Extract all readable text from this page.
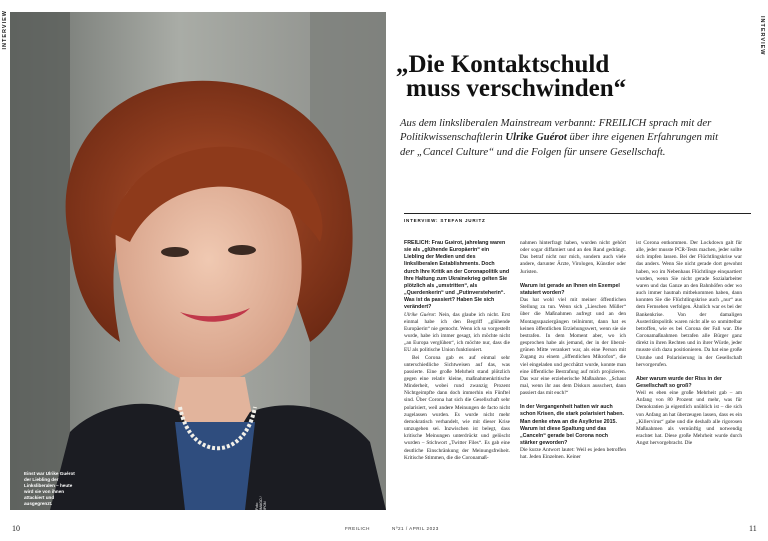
INTERVIEW
Einst war Ulrike Guérot der Liebling der Linksliberalen – heute wird sie von ihnen attackiert und ausgegrenzt.	Foto: IMAGO / IPON
INTERVIEW
„Die Kontaktschuld
muss verschwinden“
Aus dem linksliberalen Mainstream verbannt: FREILICH sprach mit der Politikwissenschaftlerin Ulrike Guérot über ihre eigenen Erfahrungen mit der „Cancel Culture“ und die Folgen für unsere Gesellschaft.
INTERVIEW: STEFAN JURITZ

FREILICH: Frau Guérot, jahrelang waren sie als „glühende Europäerin“ ein Liebling der Medien und des linksliberalen Establishments. Doch durch Ihre Kritik an der Coronapolitik und Ihre Haltung zum Ukrainekrieg gelten Sie plötzlich als „umstritten“, als „Querdenkerin“ und „Putinversteherin“. Was ist da passiert? Haben Sie sich verändert?

Ulrike Guérot: Nein, das glaube ich nicht. Erst einmal habe ich den Begriff „glühende Europäerin“ nie gemocht. Wenn ich so vorgestellt wurde, habe ich immer gesagt, ich möchte nicht „an Europa verglühen“, ich möchte nur, dass die EU als politische Union funktioniert.

Bei Corona gab es auf einmal sehr unterschiedliche Sichtweisen auf das, was passierte. Eine große Mehrheit stand plötzlich gegen eine relativ kleine, maßnahmenkritische Minderheit, wobei rund zwanzig Prozent Nichtgeimpfte dann doch immerhin ein Fünftel sind. Über Corona hat sich die Gesellschaft sehr polarisiert, weil andere Meinungen de facto nicht zugelassen wurden. Es wurde nicht mehr demokratisch verhandelt, wie mit dieser Krise umzugehen sei. Inzwischen ist belegt, dass kritische Meinungen unterdrückt und gelöscht wurden – Stichwort „Twitter Files“. Es gab eine deutliche Einschränkung der Meinungsfreiheit. Kritische Stimmen, die die Coronamaß-

nahmen hinterfragt haben, wurden nicht gehört oder sogar diffamiert und an den Rand gedrängt. Das betraf nicht nur mich, sondern auch viele andere, darunter Ärzte, Virologen, Künstler oder Juristen.

Warum ist gerade an Ihnen ein Exempel statuiert worden?

Das hat wohl viel mit meiner öffentlichen Stellung zu tun. Wenn sich „Lieschen Müller“ über die Maßnahmen aufregt und an den Montagsspaziergängen teilnimmt, dann hat es keinen öffentlichen Erziehungswert, wenn sie sie bestrafen. In dem Moment aber, wo ich gesprochen habe als jemand, der in der liberal-grünen Mitte verankert war, als eine Person mit Zugang zu einem „öffentlichen Mikrofon“, die viel eingeladen und gecchätzt wurde, konnte man eine öffentliche Bestrafung auf mich projizieren. Das war eine erzieherische Maßnahme. „Schaut mal, wenn ihr aus dem Diskurs ausschert, dann passiert das mit euch!“

In der Vergangenheit hatten wir auch schon Krisen, die stark polarisiert haben. Man denke etwa an die Asylkrise 2015. Warum ist diese Spaltung und das „Canceln“ gerade bei Corona noch stärker geworden?

Die kurze Antwort lautet: Weil es jeden betroffen hat. Jeden Einzelnen. Keiner

ist Corona entkommen. Der Lockdown galt für alle, jeder musste PCR-Tests machen, jeder sollte sich impfen lassen. Bei der Flüchtlingskrise war das anders. Wenn Sie nicht gerade dort gewohnt haben, wo im Nebenhaus Flüchtlinge einquartiert wurden, wenn Sie nicht gerade Sozialarbeiter waren und das Ganze an den Bahnhöfen oder wo auch immer hautnah mitbekommen haben, dann konnten Sie die Flüchtlingskrise auch „nur“ aus dem Fernsehen verfolgen. Ähnlich war es bei der Bankenkrise. Von der damaligen Austeritätspolitik waren nicht alle so unmittelbar betroffen, wie es bei Corona der Fall war. Die Coronamaßnahmen betrafen alle Bürger ganz direkt in ihren Rechten und in ihrer Würde, jeder musste sich dazu positionieren. Da hat eine große Unruhe und Polarisierung in der Gesellschaft hervorgerufen.

Aber warum wurde der Riss in der Gesellschaft so groß?

Weil es eben eine große Mehrheit gab – am Anfang von 80 Prozent und mehr, was für Demokratien ja eigentlich unüblich ist – die sich von Anfang an hat überzeugen lassen, dass es ein „Killervirus“ gabe und die deshalb alle rigorosen Maßnahmen als vernünftig und notwendig erachtet hat. Diese große Mehrheit wurde durch Angst hervorgebracht. Die

10	FREILICH	Nº21 / APRIL 2023	11
